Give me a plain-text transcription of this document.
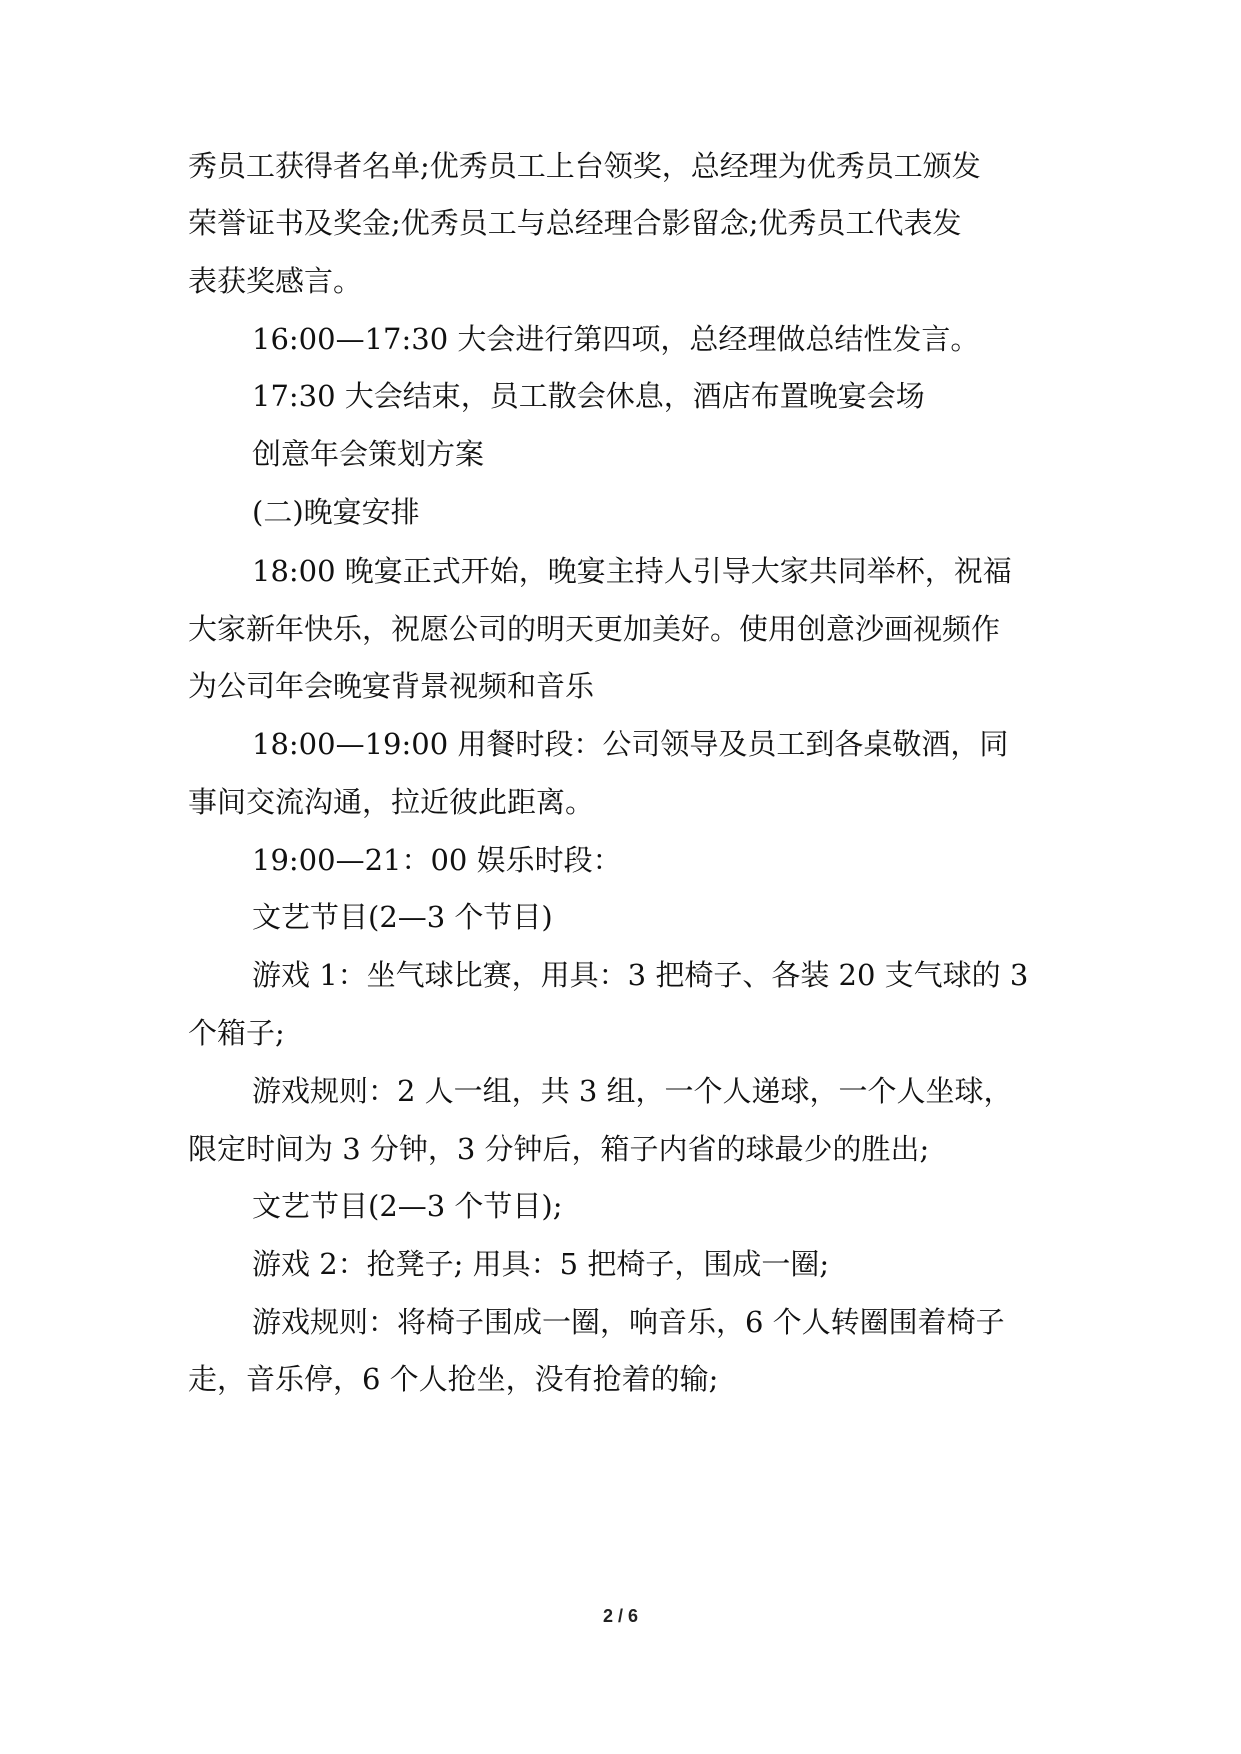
秀员工获得者名单;优秀员工上台领奖，总经理为优秀员工颁发
荣誉证书及奖金;优秀员工与总经理合影留念;优秀员工代表发
表获奖感言。
16:00—17:30 大会进行第四项，总经理做总结性发言。
17:30 大会结束，员工散会休息，酒店布置晚宴会场
创意年会策划方案
(二)晚宴安排
18:00 晚宴正式开始，晚宴主持人引导大家共同举杯，祝福
大家新年快乐，祝愿公司的明天更加美好。使用创意沙画视频作
为公司年会晚宴背景视频和音乐
18:00—19:00 用餐时段：公司领导及员工到各桌敬酒，同
事间交流沟通，拉近彼此距离。
19:00—21：00 娱乐时段：
文艺节目(2—3 个节目)
游戏 1：坐气球比赛，用具：3 把椅子、各装 20 支气球的 3
个箱子;
游戏规则：2 人一组，共 3 组，一个人递球，一个人坐球，
限定时间为 3 分钟，3 分钟后，箱子内省的球最少的胜出;
文艺节目(2—3 个节目);
游戏 2：抢凳子; 用具：5 把椅子，围成一圈;
游戏规则：将椅子围成一圈，响音乐，6 个人转圈围着椅子
走，音乐停，6 个人抢坐，没有抢着的输;
2 / 6
